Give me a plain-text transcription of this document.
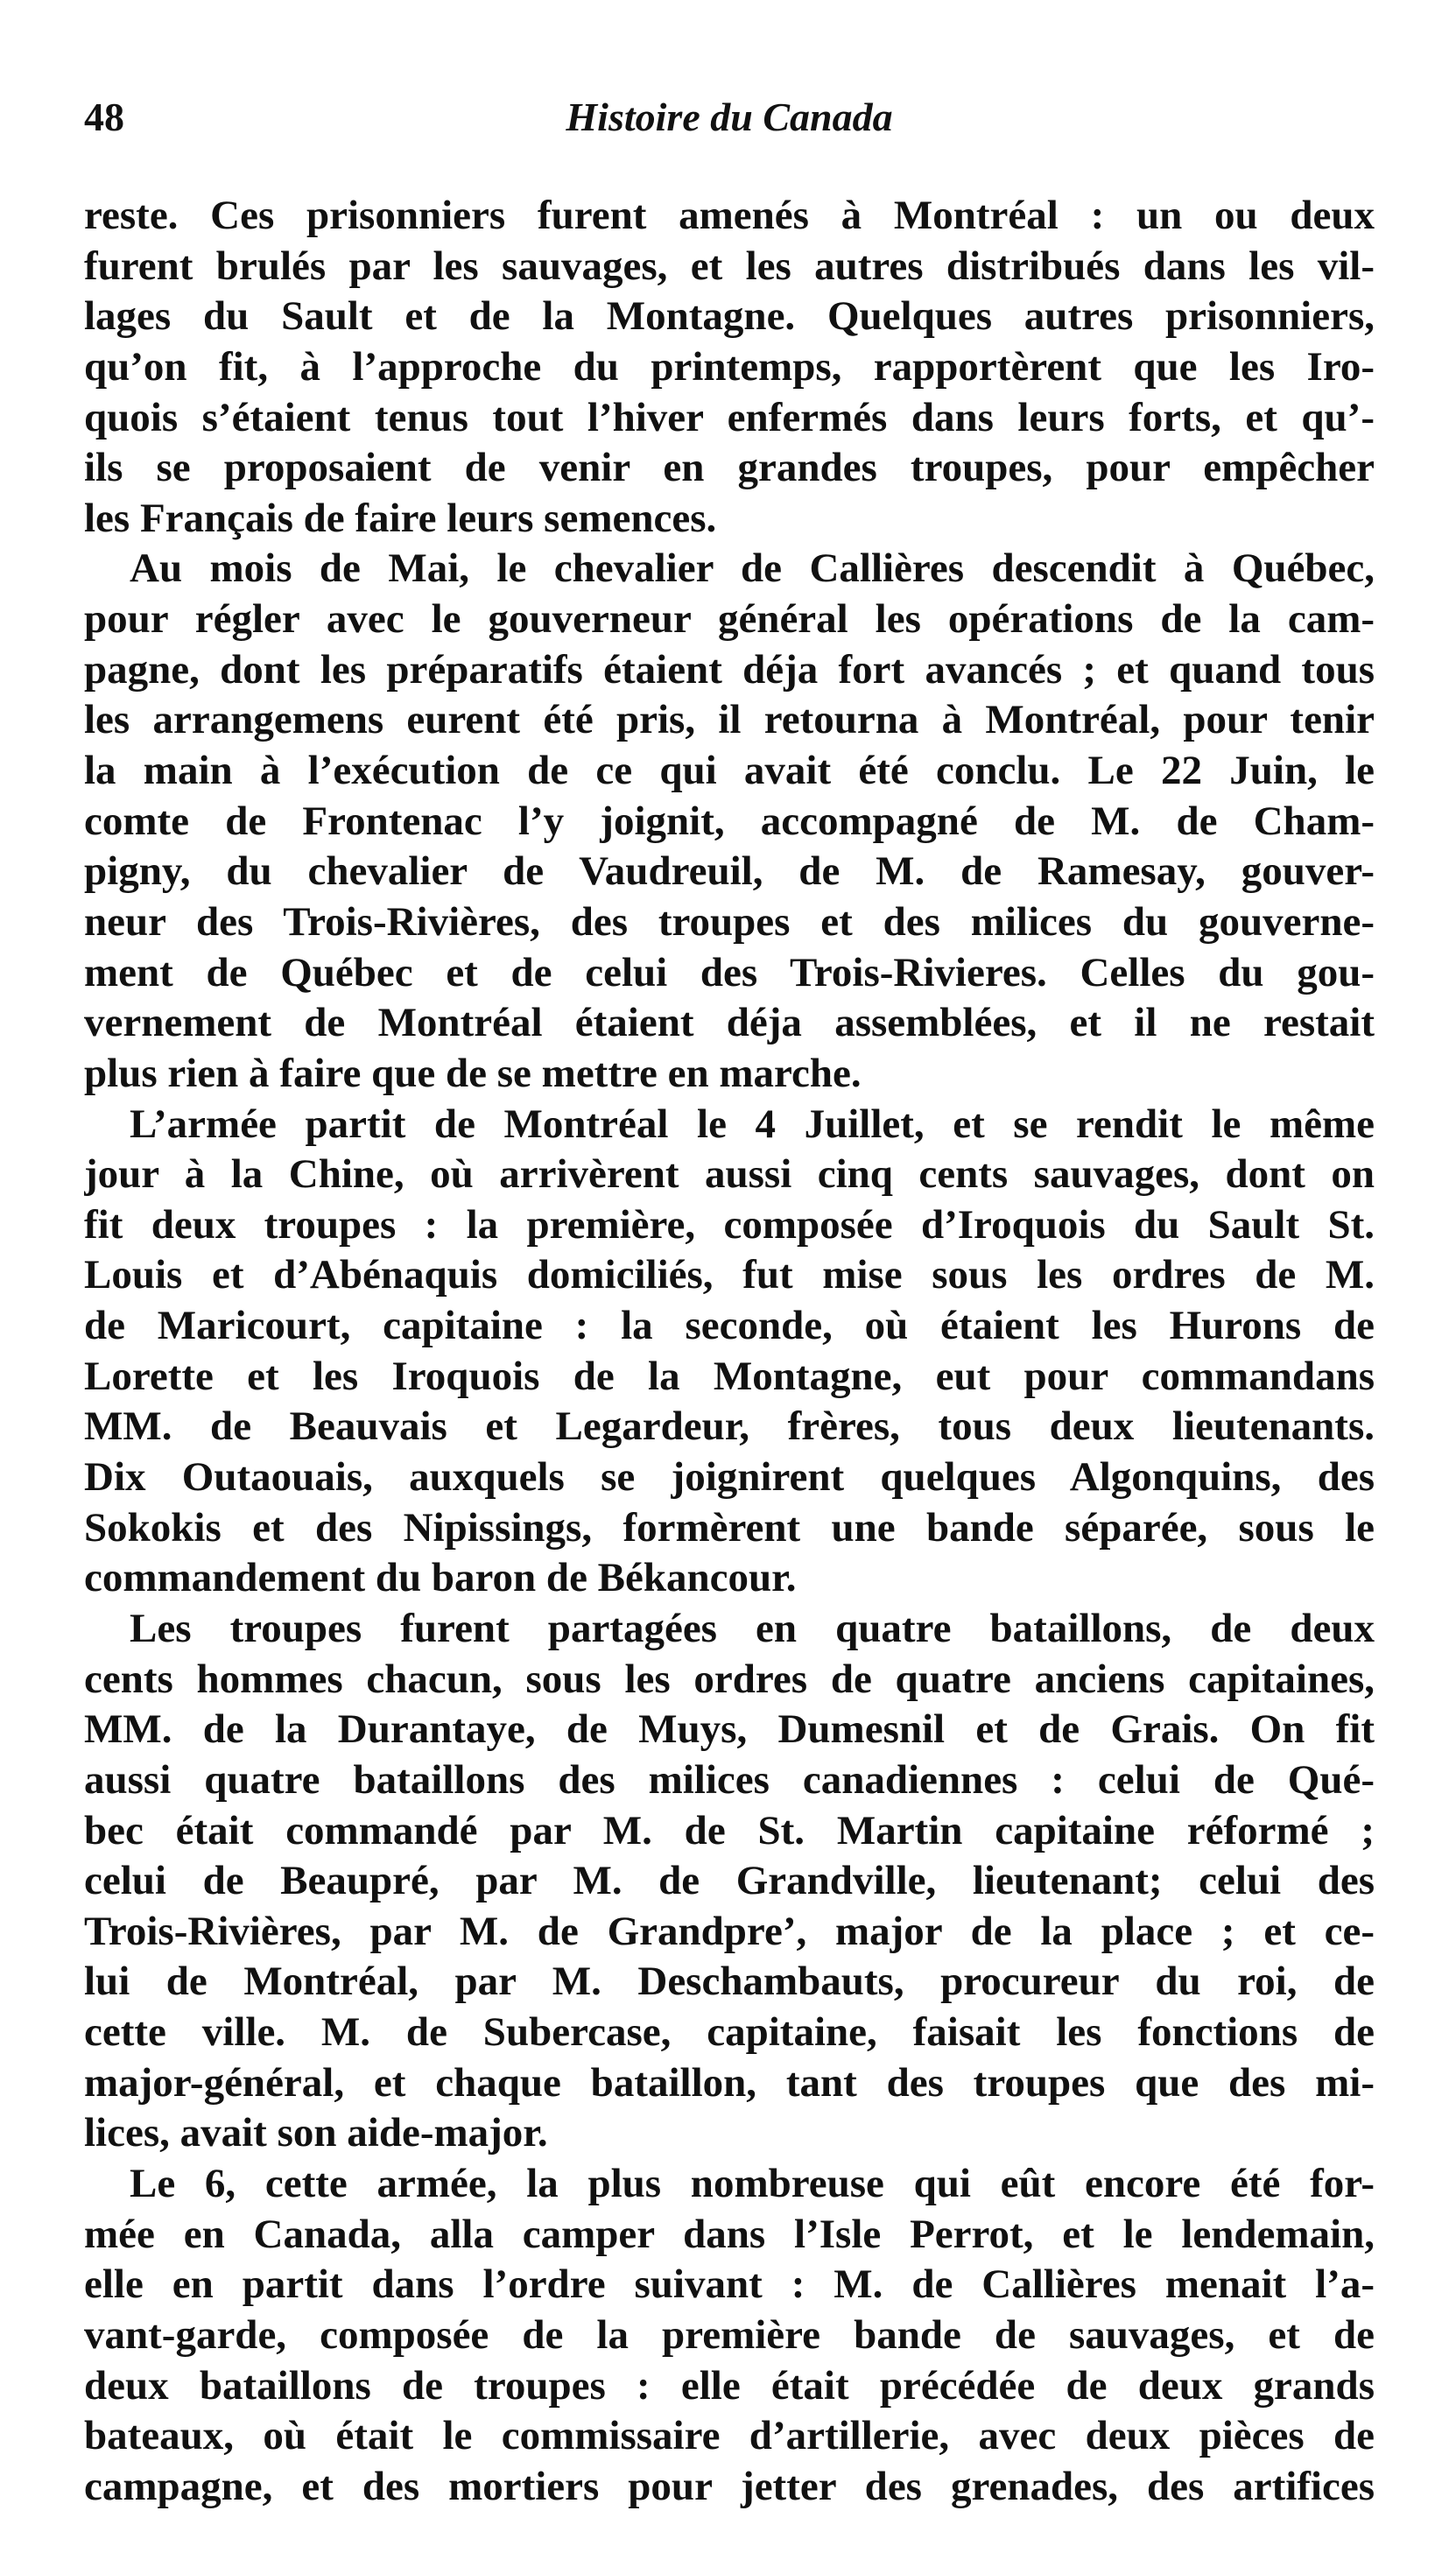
48	Histoire du Canada
reste. Ces prisonniers furent amenés à Montréal : un ou deux
furent brulés par les sauvages, et les autres distribués dans les vil-
lages du Sault et de la Montagne. Quelques autres prisonniers,
qu’on fit, à l’approche du printemps, rapportèrent que les Iro-
quois s’étaient tenus tout l’hiver enfermés dans leurs forts, et qu’-
ils se proposaient de venir en grandes troupes, pour empêcher
les Français de faire leurs semences.
Au mois de Mai, le chevalier de Callières descendit à Québec,
pour régler avec le gouverneur général les opérations de la cam-
pagne, dont les préparatifs étaient déja fort avancés ; et quand tous
les arrangemens eurent été pris, il retourna à Montréal, pour tenir
la main à l’exécution de ce qui avait été conclu. Le 22 Juin, le
comte de Frontenac l’y joignit, accompagné de M. de Cham-
pigny, du chevalier de Vaudreuil, de M. de Ramesay, gouver-
neur des Trois-Rivières, des troupes et des milices du gouverne-
ment de Québec et de celui des Trois-Rivieres. Celles du gou-
vernement de Montréal étaient déja assemblées, et il ne restait
plus rien à faire que de se mettre en marche.
L’armée partit de Montréal le 4 Juillet, et se rendit le même
jour à la Chine, où arrivèrent aussi cinq cents sauvages, dont on
fit deux troupes : la première, composée d’Iroquois du Sault St.
Louis et d’Abénaquis domiciliés, fut mise sous les ordres de M.
de Maricourt, capitaine : la seconde, où étaient les Hurons de
Lorette et les Iroquois de la Montagne, eut pour commandans
MM. de Beauvais et Legardeur, frères, tous deux lieutenants.
Dix Outaouais, auxquels se joignirent quelques Algonquins, des
Sokokis et des Nipissings, formèrent une bande séparée, sous le
commandement du baron de Békancour.
Les troupes furent partagées en quatre bataillons, de deux
cents hommes chacun, sous les ordres de quatre anciens capitaines,
MM. de la Durantaye, de Muys, Dumesnil et de Grais. On fit
aussi quatre bataillons des milices canadiennes : celui de Qué-
bec était commandé par M. de St. Martin capitaine réformé ;
celui de Beaupré, par M. de Grandville, lieutenant; celui des
Trois-Rivières, par M. de Grandpre’, major de la place ; et ce-
lui de Montréal, par M. Deschambauts, procureur du roi, de
cette ville. M. de Subercase, capitaine, faisait les fonctions de
major-général, et chaque bataillon, tant des troupes que des mi-
lices, avait son aide-major.
Le 6, cette armée, la plus nombreuse qui eût encore été for-
mée en Canada, alla camper dans l’Isle Perrot, et le lendemain,
elle en partit dans l’ordre suivant : M. de Callières menait l’a-
vant-garde, composée de la première bande de sauvages, et de
deux bataillons de troupes : elle était précédée de deux grands
bateaux, où était le commissaire d’artillerie, avec deux pièces de
campagne, et des mortiers pour jetter des grenades, des artifices
